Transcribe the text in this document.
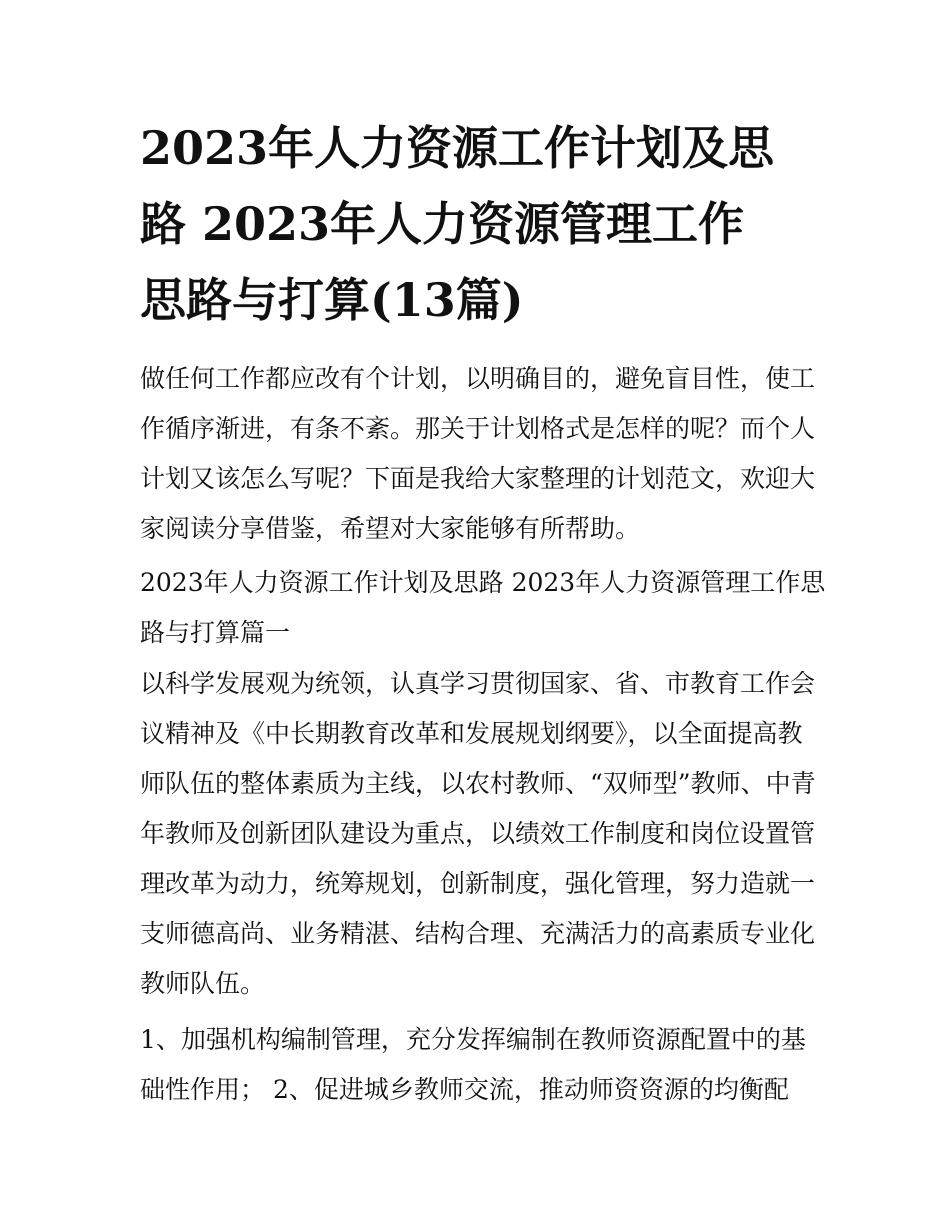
2023年人力资源工作计划及思
路 2023年人力资源管理工作
思路与打算(13篇)

做任何工作都应改有个计划，以明确目的，避免盲目性，使工
作循序渐进，有条不紊。那关于计划格式是怎样的呢？而个人
计划又该怎么写呢？下面是我给大家整理的计划范文，欢迎大
家阅读分享借鉴，希望对大家能够有所帮助。

2023年人力资源工作计划及思路 2023年人力资源管理工作思
路与打算篇一

以科学发展观为统领，认真学习贯彻国家、省、市教育工作会
议精神及《中长期教育改革和发展规划纲要》，以全面提高教
师队伍的整体素质为主线，以农村教师、“双师型”教师、中青
年教师及创新团队建设为重点，以绩效工作制度和岗位设置管
理改革为动力，统筹规划，创新制度，强化管理，努力造就一
支师德高尚、业务精湛、结构合理、充满活力的高素质专业化
教师队伍。

1、加强机构编制管理，充分发挥编制在教师资源配置中的基
础性作用； 2、促进城乡教师交流，推动师资资源的均衡配
